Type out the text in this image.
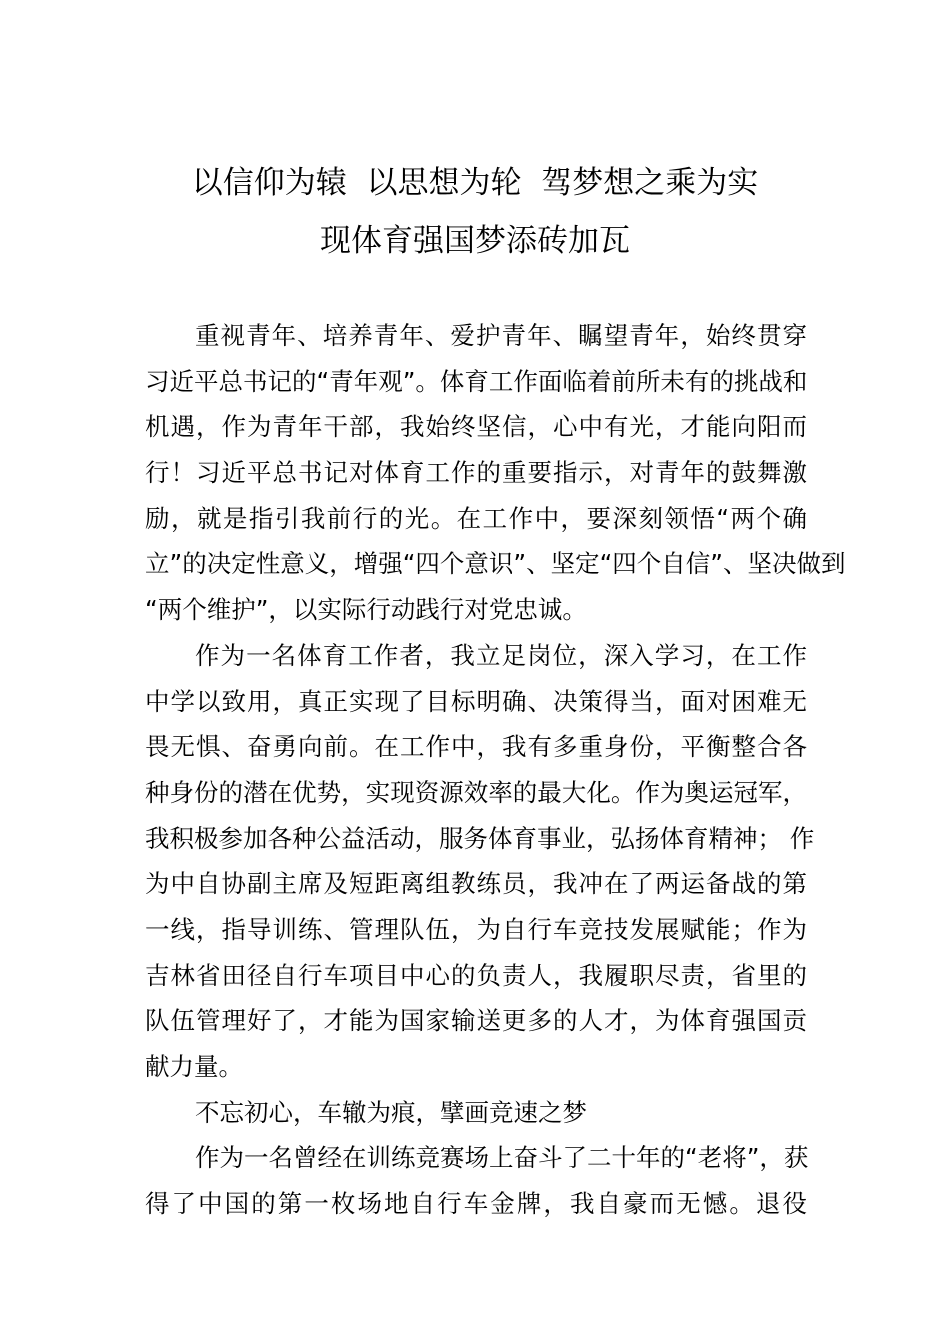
以信仰为辕  以思想为轮  驾梦想之乘为实
现体育强国梦添砖加瓦
重视青年、培养青年、爱护青年、瞩望青年，始终贯穿
习近平总书记的“青年观”。体育工作面临着前所未有的挑战和
机遇，作为青年干部，我始终坚信，心中有光，才能向阳而
行！习近平总书记对体育工作的重要指示，对青年的鼓舞激
励，就是指引我前行的光。在工作中，要深刻领悟“两个确
立”的决定性意义，增强“四个意识”、坚定“四个自信”、坚决做到
“两个维护”，以实际行动践行对党忠诚。
作为一名体育工作者，我立足岗位，深入学习，在工作
中学以致用，真正实现了目标明确、决策得当，面对困难无
畏无惧、奋勇向前。在工作中，我有多重身份，平衡整合各
种身份的潜在优势，实现资源效率的最大化。作为奥运冠军，
我积极参加各种公益活动，服务体育事业，弘扬体育精神； 作
为中自协副主席及短距离组教练员，我冲在了两运备战的第
一线，指导训练、管理队伍，为自行车竞技发展赋能；作为
吉林省田径自行车项目中心的负责人，我履职尽责，省里的
队伍管理好了，才能为国家输送更多的人才，为体育强国贡
献力量。
不忘初心，车辙为痕，擘画竞速之梦
作为一名曾经在训练竞赛场上奋斗了二十年的“老将”，获
得了中国的第一枚场地自行车金牌，我自豪而无憾。退役
